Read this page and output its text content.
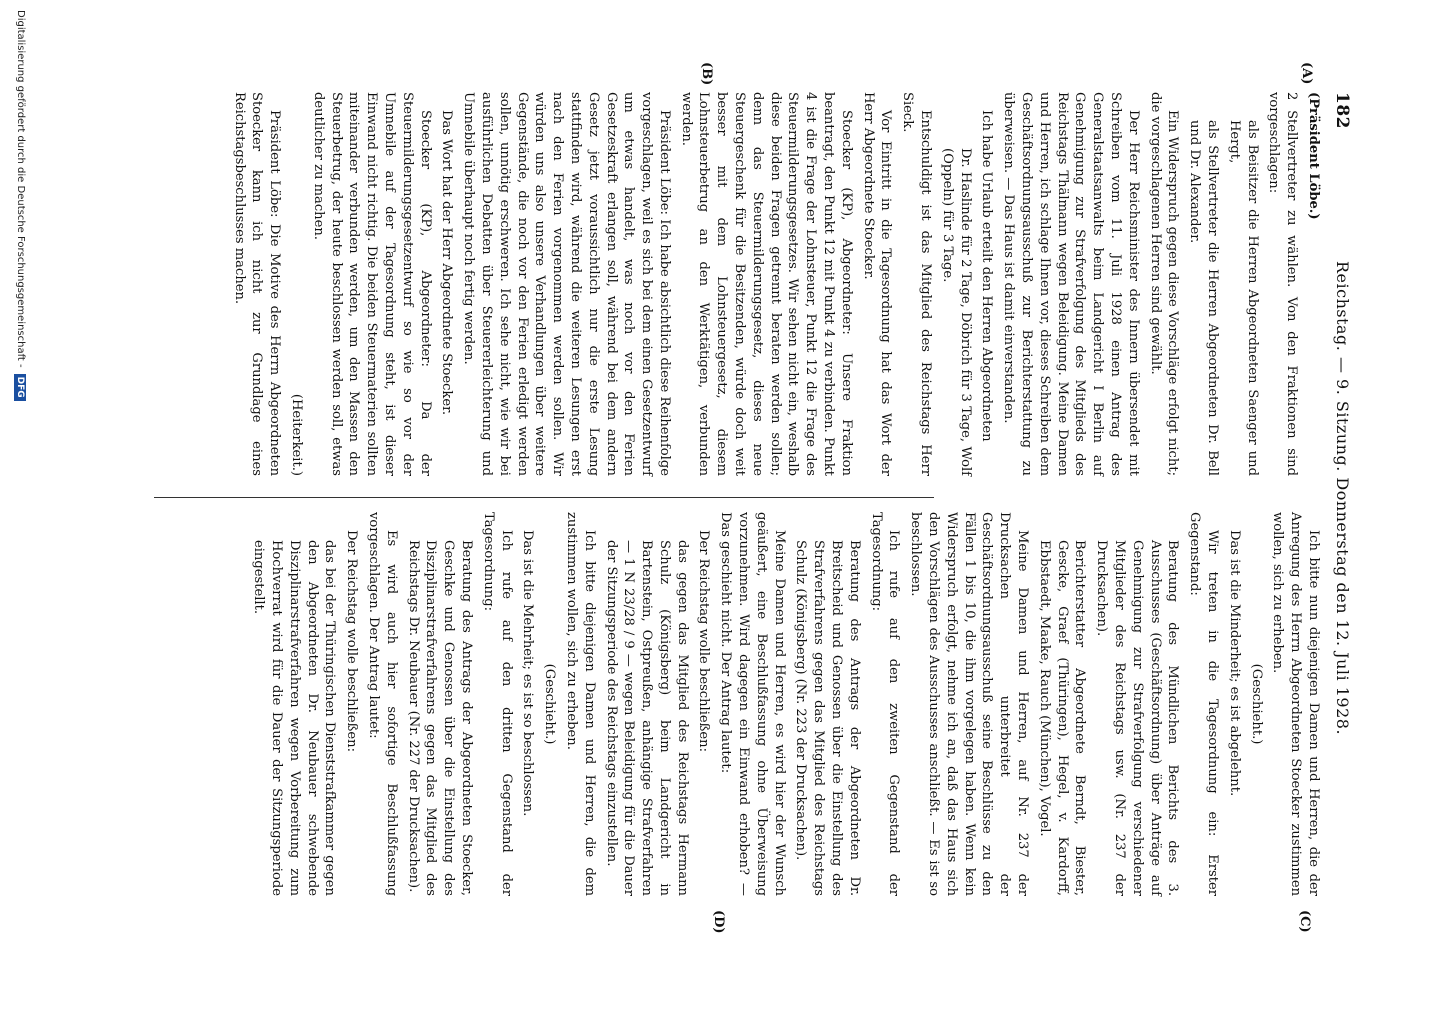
182
Reichstag. — 9. Sitzung. Donnerstag den 12. Juli 1928.
(A)
(B)
(C)
(D)

(Präsident Löbe.)

2 Stellvertreter zu wählen. Von den Fraktionen sind vorgeschlagen:

als Beisitzer die Herren Abgeordneten Saenger und Hergt,

als Stellvertreter die Herren Abgeordneten Dr. Bell und Dr. Alexander.

Ein Widerspruch gegen diese Vorschläge erfolgt nicht; die vorgeschlagenen Herren sind gewählt.

Der Herr Reichsminister des Innern übersendet mit Schreiben vom 11. Juli 1928 einen Antrag des Generalstaatsanwalts beim Landgericht I Berlin auf Genehmigung zur Strafverfolgung des Mitglieds des Reichstags Thälmann wegen Beleidigung. Meine Damen und Herren, ich schlage Ihnen vor, dieses Schreiben dem Geschäftsordnungsausschuß zur Berichterstattung zu überweisen. — Das Haus ist damit einverstanden.

Ich habe Urlaub erteilt den Herren Abgeordneten

Dr. Haslinde für 2 Tage, Döbrich für 3 Tage, Wolf (Oppeln) für 3 Tage.

Entschuldigt ist das Mitglied des Reichstags Herr Sieck.

Vor Eintritt in die Tagesordnung hat das Wort der Herr Abgeordnete Stoecker.

Stoecker (KP), Abgeordneter: Unsere Fraktion beantragt, den Punkt 12 mit Punkt 4 zu verbinden. Punkt 4 ist die Frage der Lohnsteuer, Punkt 12 die Frage des Steuermilderungsgesetzes. Wir sehen nicht ein, weshalb diese beiden Fragen getrennt beraten werden sollen; denn das Steuermilderungsgesetz, dieses neue Steuergeschenk für die Besitzenden, würde doch weit besser mit dem Lohnsteuergesetz, diesem Lohnsteuerbetrug an den Werktätigen, verbunden werden.

Präsident Löbe: Ich habe absichtlich diese Reihenfolge vorgeschlagen, weil es sich bei dem einen Gesetzentwurf um etwas handelt, was noch vor den Ferien Gesetzeskraft erlangen soll, während bei dem andern Gesetz jetzt voraussichtlich nur die erste Lesung stattfinden wird, während die weiteren Lesungen erst nach den Ferien vorgenommen werden sollen. Wir würden uns also unsere Verhandlungen über weitere Gegenstände, die noch vor den Ferien erledigt werden sollen, unnötig erschweren. Ich sehe nicht, wie wir bei ausführlichen Debatten über Steuererleichterung und Umnebile überhaupt noch fertig werden.

Das Wort hat der Herr Abgeordnete Stoecker.

Stoecker (KP), Abgeordneter: Da der Steuermilderungsgesetzentwurf so wie so vor der Umnebile auf der Tagesordnung steht, ist dieser Einwand nicht richtig. Die beiden Steuermaterien sollten miteinander verbunden werden, um den Massen den Steuerbetrug, der heute beschlossen werden soll, etwas deutlicher zu machen.

(Heiterkeit.)

Präsident Löbe: Die Motive des Herrn Abgeordneten Stoecker kann ich nicht zur Grundlage eines Reichstagsbeschlusses machen.

Ich bitte nun diejenigen Damen und Herren, die der Anregung des Herrn Abgeordneten Stoecker zustimmen wollen, sich zu erheben.

(Geschieht.)

Das ist die Minderheit; es ist abgelehnt.

Wir treten in die Tagesordnung ein: Erster Gegenstand:

Beratung des Mündlichen Berichts des 3. Ausschusses (Geschäftsordnung) über Anträge auf Genehmigung zur Strafverfolgung verschiedener Mitglieder des Reichstags usw. (Nr. 237 der Drucksachen).

Berichterstatter Abgeordnete Berndt, Biester, Gescke, Graef (Thüringen), Hegel, v. Kardorff, Ebbstaedt, Maake, Rauch (München), Vogel.

Meine Damen und Herren, auf Nr. 237 der Drucksachen unterbreitet der Geschäftsordnungsausschuß seine Beschlüsse zu den Fällen 1 bis 10, die ihm vorgelegen haben. Wenn kein Widerspruch erfolgt, nehme ich an, daß das Haus sich den Vorschlägen des Ausschusses anschließt. — Es ist so beschlossen.

Ich rufe auf den zweiten Gegenstand der Tagesordnung:

Beratung des Antrags der Abgeordneten Dr. Breitscheid und Genossen über die Einstellung des Strafverfahrens gegen das Mitglied des Reichstags Schulz (Königsberg) (Nr. 223 der Drucksachen).

Meine Damen und Herren, es wird hier der Wunsch geäußert, eine Beschlußfassung ohne Überweisung vorzunehmen. Wird dagegen ein Einwand erhoben? — Das geschieht nicht. Der Antrag lautet:

Der Reichstag wolle beschließen:

das gegen das Mitglied des Reichstags Hermann Schulz (Königsberg) beim Landgericht in Bartenstein, Ostpreußen, anhängige Strafverfahren — 1 N 23/28 / 9 — wegen Beleidigung für die Dauer der Sitzungsperiode des Reichstags einzustellen.

Ich bitte diejenigen Damen und Herren, die dem zustimmen wollen, sich zu erheben.

(Geschieht.)

Das ist die Mehrheit; es ist so beschlossen.

Ich rufe auf den dritten Gegenstand der Tagesordnung:

Beratung des Antrags der Abgeordneten Stoecker, Geschke und Genossen über die Einstellung des Disziplinarstrafverfahrens gegen das Mitglied des Reichstags Dr. Neubauer (Nr. 227 der Drucksachen).

Es wird auch hier sofortige Beschlußfassung vorgeschlagen. Der Antrag lautet:

Der Reichstag wolle beschließen:

das bei der Thüringischen Dienststrafkammer gegen den Abgeordneten Dr. Neubauer schwebende Disziplinarstrafverfahren wegen Vorbereitung zum Hochverrat wird für die Dauer der Sitzungsperiode eingestellt.

Digitalisierung gefördert durch die Deutsche Forschungsgemeinschaft -DFG
